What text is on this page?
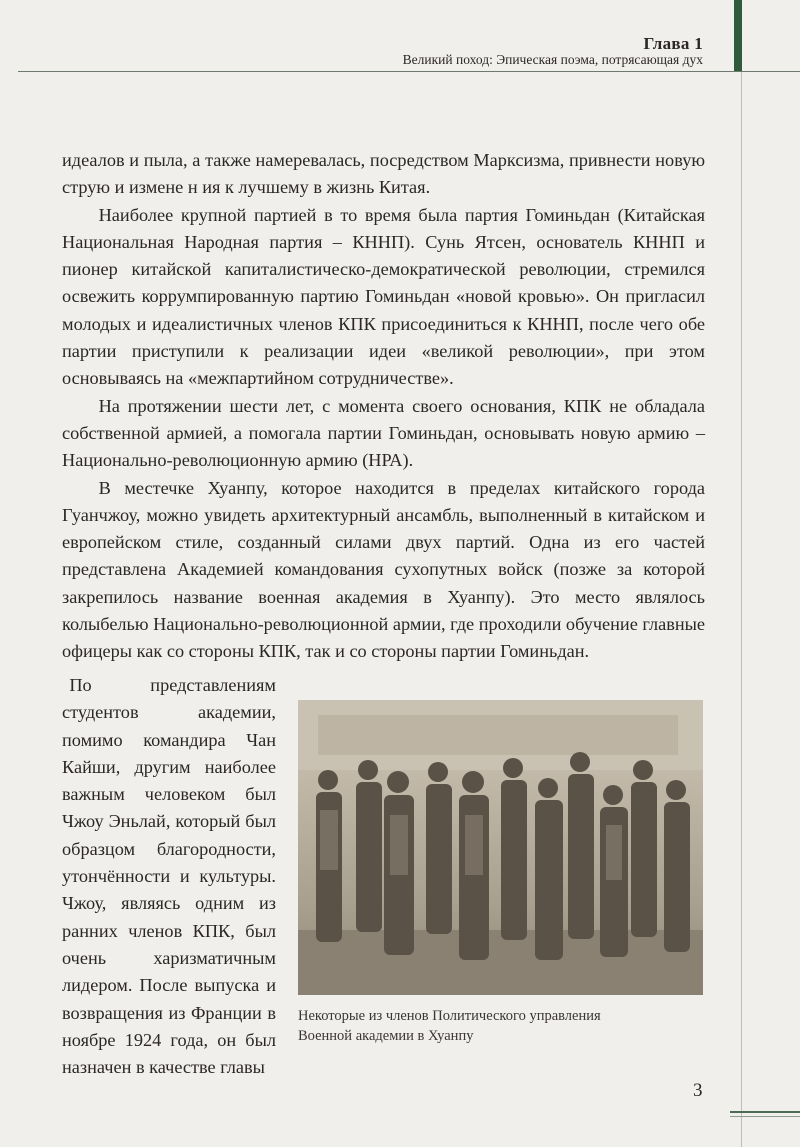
Глава 1
Великий поход: Эпическая поэма, потрясающая дух

идеалов и пыла, а также намеревалась, посредством Марксизма, привнести новую струю и измене н ия к лучшему в жизнь Китая.

Наиболее крупной партией в то время была партия Гоминьдан (Китайская Национальная Народная партия – КННП). Сунь Ятсен, основатель КННП и пионер китайской капиталистическо-демократической революции, стремился освежить коррумпированную партию Гоминьдан «новой кровью». Он пригласил молодых и идеалистичных членов КПК присоединиться к КННП, после чего обе партии приступили к реализации идеи «великой революции», при этом основываясь на «межпартийном сотрудничестве».

На протяжении шести лет, с момента своего основания, КПК не обладала собственной армией, а помогала партии Гоминьдан, основывать новую армию – Национально-революционную армию (НРА).

В местечке Хуанпу, которое находится в пределах китайского города Гуанчжоу, можно увидеть архитектурный ансамбль, выполненный в китайском и европейском стиле, созданный силами двух партий. Одна из его частей представлена Академией командования сухопутных войск (позже за которой закрепилось название военная академия в Хуанпу). Это место являлось колыбелью Национально-революционной армии, где проходили обучение главные офицеры как со стороны КПК, так и со стороны партии Гоминьдан.

По представлениям студентов академии, помимо командира Чан Кайши, другим наиболее важным человеком был Чжоу Эньлай, который был образцом благородности, утончённости и культуры. Чжоу, являясь одним из ранних членов КПК, был очень харизматичным лидером. После выпуска и возвращения из Франции в ноябре 1924 года, он был назначен в качестве главы

Некоторые из членов Политического управления
Военной академии в Хуанпу
3
